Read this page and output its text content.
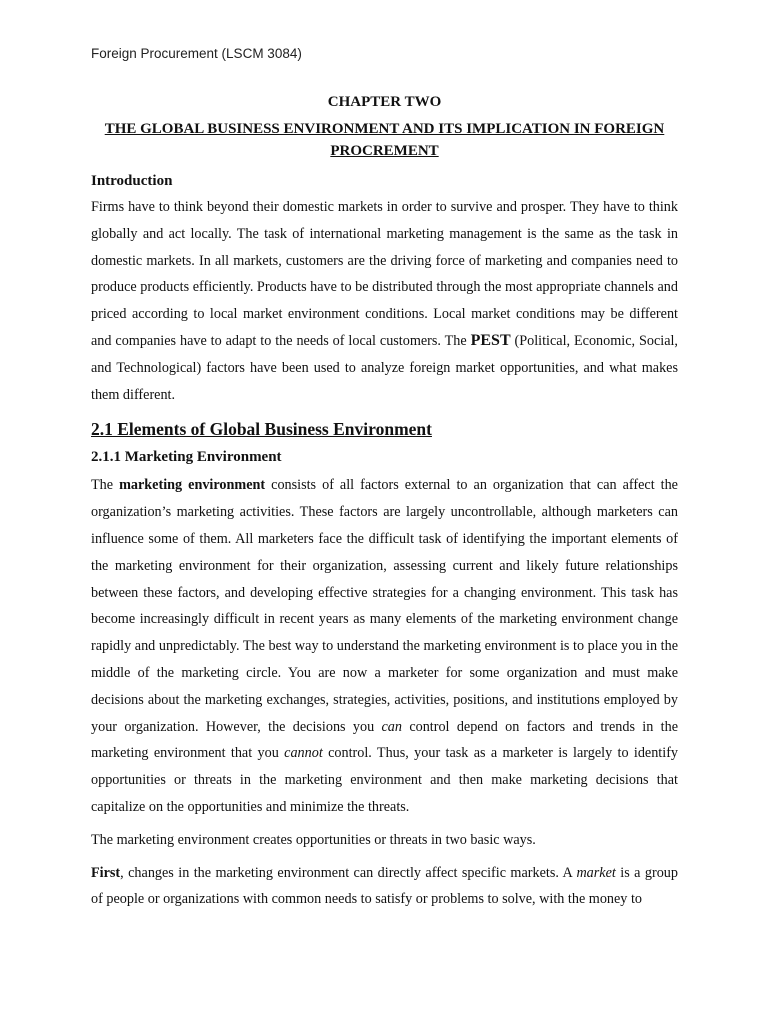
Foreign Procurement (LSCM 3084)
CHAPTER TWO
THE GLOBAL BUSINESS ENVIRONMENT AND ITS IMPLICATION IN FOREIGN PROCREMENT
Introduction

Firms have to think beyond their domestic markets in order to survive and prosper. They have to think globally and act locally. The task of international marketing management is the same as the task in domestic markets. In all markets, customers are the driving force of marketing and companies need to produce products efficiently. Products have to be distributed through the most appropriate channels and priced according to local market environment conditions. Local market conditions may be different and companies have to adapt to the needs of local customers. The PEST (Political, Economic, Social, and Technological) factors have been used to analyze foreign market opportunities, and what makes them different.

2.1 Elements of Global Business Environment
2.1.1 Marketing Environment

The marketing environment consists of all factors external to an organization that can affect the organization’s marketing activities. These factors are largely uncontrollable, although marketers can influence some of them. All marketers face the difficult task of identifying the important elements of the marketing environment for their organization, assessing current and likely future relationships between these factors, and developing effective strategies for a changing environment. This task has become increasingly difficult in recent years as many elements of the marketing environment change rapidly and unpredictably. The best way to understand the marketing environment is to place you in the middle of the marketing circle. You are now a marketer for some organization and must make decisions about the marketing exchanges, strategies, activities, positions, and institutions employed by your organization. However, the decisions you can control depend on factors and trends in the marketing environment that you cannot control. Thus, your task as a marketer is largely to identify opportunities or threats in the marketing environment and then make marketing decisions that capitalize on the opportunities and minimize the threats.

The marketing environment creates opportunities or threats in two basic ways.

First, changes in the marketing environment can directly affect specific markets. A market is a group of people or organizations with common needs to satisfy or problems to solve, with the money to
